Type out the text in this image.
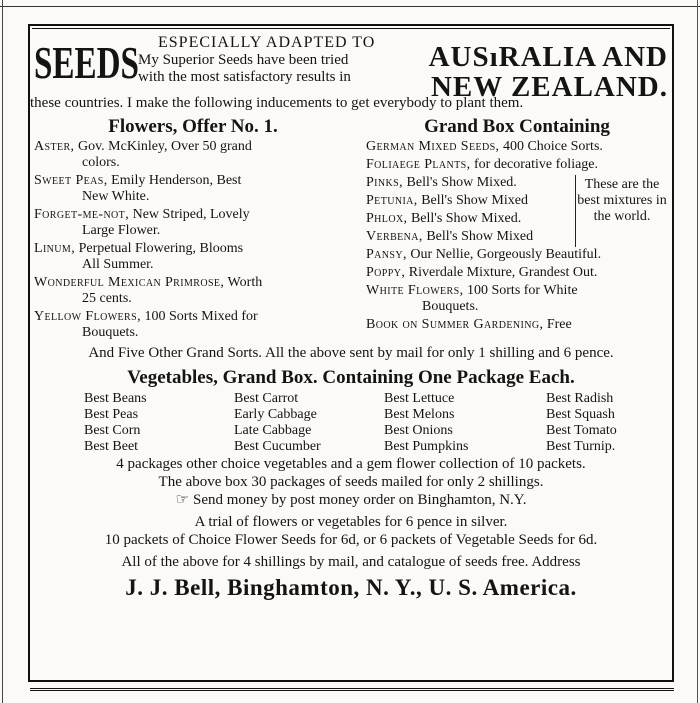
SEEDS ESPECIALLY ADAPTED TO
My Superior Seeds have been tried
with the most satisfactory results in
AUSıRALIA AND
NEW ZEALAND.
these countries. I make the following inducements to get everybody to plant them.
Flowers, Offer No. 1.
Aster, Gov. McKinley, Over 50 grand
colors.
Sweet Peas, Emily Henderson, Best
New White.
Forget-me-not, New Striped, Lovely
Large Flower.
Linum, Perpetual Flowering, Blooms
All Summer.
Wonderful Mexican Primrose, Worth
25 cents.
Yellow Flowers, 100 Sorts Mixed for
Bouquets.
Grand Box Containing
German Mixed Seeds, 400 Choice Sorts.
Foliaege Plants, for decorative foliage.
Pinks, Bell's Show Mixed.
Petunia, Bell's Show Mixed
Phlox, Bell's Show Mixed.
Verbena, Bell's Show Mixed
These are the best mixtures in the world.
Pansy, Our Nellie, Gorgeously Beautiful.
Poppy, Riverdale Mixture, Grandest Out.
White Flowers, 100 Sorts for White
Bouquets.
Book on Summer Gardening, Free
And Five Other Grand Sorts. All the above sent by mail for only 1 shilling and 6 pence.
Vegetables, Grand Box. Containing One Package Each.
Best Beans	Best Carrot	Best Lettuce	Best Radish
Best Peas	Early Cabbage	Best Melons	Best Squash
Best Corn	Late Cabbage	Best Onions	Best Tomato
Best Beet	Best Cucumber	Best Pumpkins	Best Turnip.
4 packages other choice vegetables and a gem flower collection of 10 packets.
The above box 30 packages of seeds mailed for only 2 shillings.
☞ Send money by post money order on Binghamton, N.Y.
A trial of flowers or vegetables for 6 pence in silver.
10 packets of Choice Flower Seeds for 6d, or 6 packets of Vegetable Seeds for 6d.
All of the above for 4 shillings by mail, and catalogue of seeds free. Address
J. J. Bell, Binghamton, N. Y., U. S. America.
